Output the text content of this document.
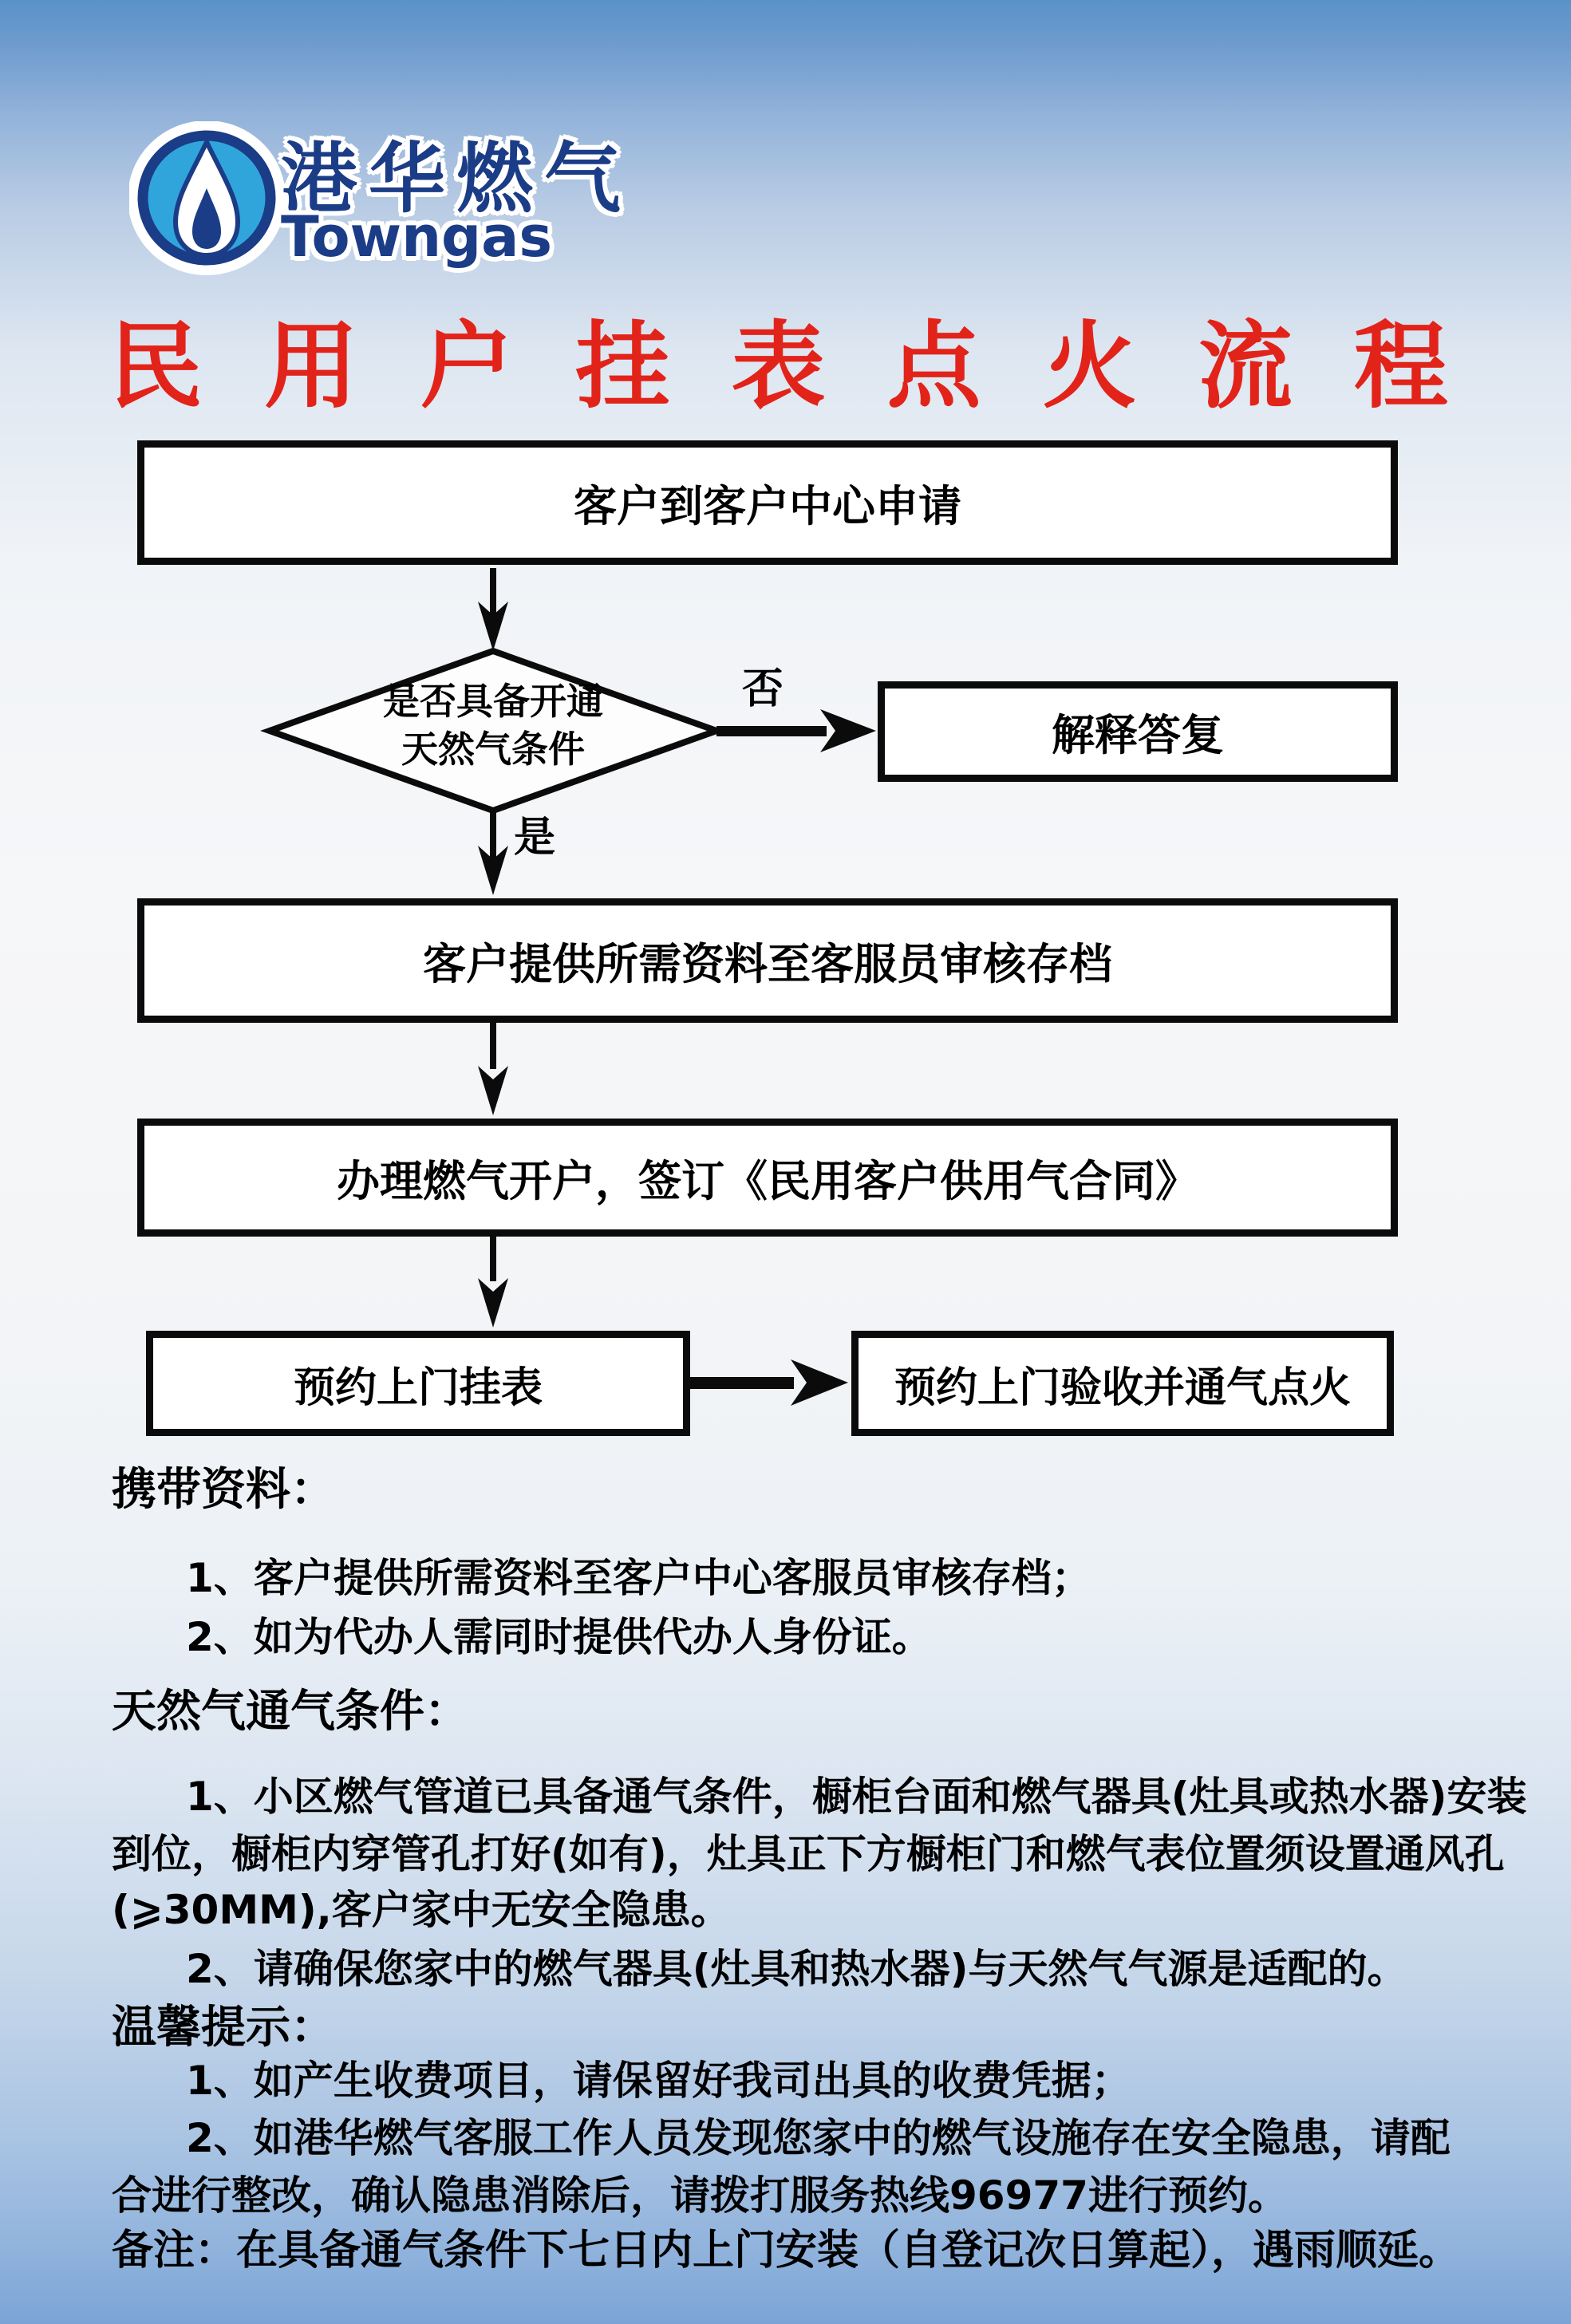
港华燃气
Towngas
民 用 户 挂 表 点 火 流 程
客户到客户中心申请
是否具备开通
天然气条件
否
是
解释答复
客户提供所需资料至客服员审核存档
办理燃气开户，签订《民用客户供用气合同》
预约上门挂表	预约上门验收并通气点火
携带资料：
1、客户提供所需资料至客户中心客服员审核存档；
2、如为代办人需同时提供代办人身份证。
天然气通气条件：
1、小区燃气管道已具备通气条件，橱柜台面和燃气器具(灶具或热水器)安装
到位，橱柜内穿管孔打好(如有)，灶具正下方橱柜门和燃气表位置须设置通风孔
(⩾30MM),客户家中无安全隐患。
2、请确保您家中的燃气器具(灶具和热水器)与天然气气源是适配的。
温馨提示：
1、如产生收费项目，请保留好我司出具的收费凭据；
2、如港华燃气客服工作人员发现您家中的燃气设施存在安全隐患，请配
合进行整改，确认隐患消除后，请拨打服务热线96977进行预约。
备注：在具备通气条件下七日内上门安装（自登记次日算起），遇雨顺延。
